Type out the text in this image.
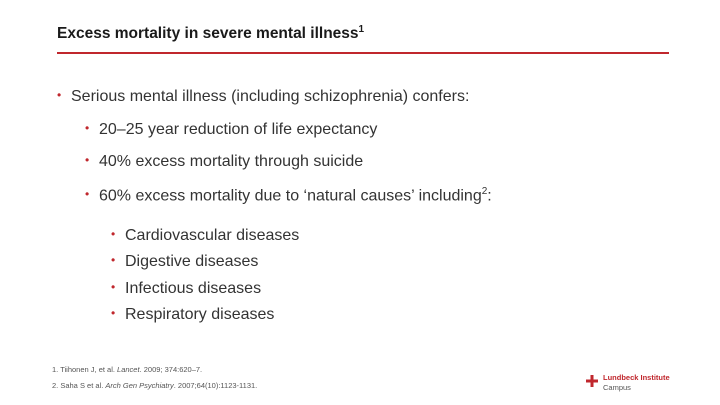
Excess mortality in severe mental illness$^1$
• Serious mental illness (including schizophrenia) confers:
• 20–25 year reduction of life expectancy
• 40% excess mortality through suicide
• 60% excess mortality due to ‘natural causes’ including$^2$:
• Cardiovascular diseases
• Digestive diseases
• Infectious diseases
• Respiratory diseases
1. Tiihonen J, et al. Lancet. 2009; 374:620–7.
2. Saha S et al. Arch Gen Psychiatry. 2007;64(10):1123-1131.
Lundbeck Institute
Campus
